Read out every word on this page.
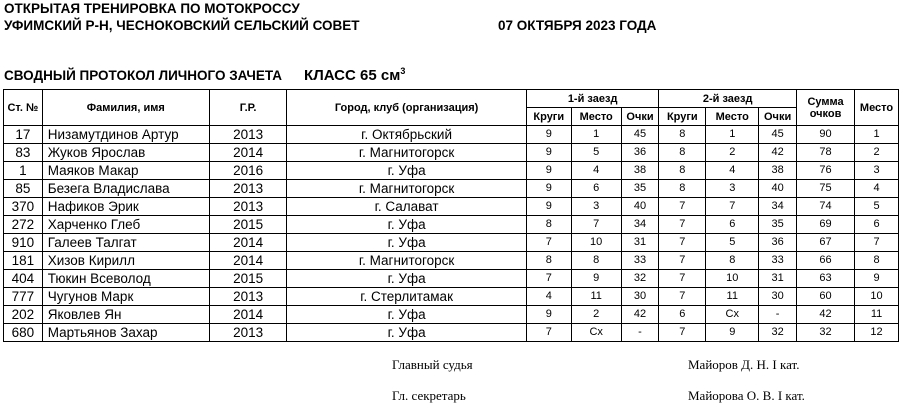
ОТКРЫТАЯ ТРЕНИРОВКА ПО МОТОКРОССУ
УФИМСКИЙ Р-Н, ЧЕСНОКОВСКИЙ СЕЛЬСКИЙ СОВЕТ	07 ОКТЯБРЯ 2023 ГОДА
СВОДНЫЙ ПРОТОКОЛ ЛИЧНОГО ЗАЧЕТА КЛАСС 65 $см^3$
Ст. №	Фамилия, имя	Г.Р.	Город, клуб (организация)	1-й заезд			2-й заезд			Сумма очков	Место
				Круги	Место	Очки	Круги	Место	Очки		
17	Низамутдинов Артур	2013	г. Октябрьский	9	1	45	8	1	45	90	1
83	Жуков Ярослав	2014	г. Магнитогорск	9	5	36	8	2	42	78	2
1	Маяков Макар	2016	г. Уфа	9	4	38	8	4	38	76	3
85	Безега Владислава	2013	г. Магнитогорск	9	6	35	8	3	40	75	4
370	Нафиков Эрик	2013	г. Салават	9	3	40	7	7	34	74	5
272	Харченко Глеб	2015	г. Уфа	8	7	34	7	6	35	69	6
910	Галеев Талгат	2014	г. Уфа	7	10	31	7	5	36	67	7
181	Хизов Кирилл	2014	г. Магнитогорск	8	8	33	7	8	33	66	8
404	Тюкин Всеволод	2015	г. Уфа	7	9	32	7	10	31	63	9
777	Чугунов Марк	2013	г. Стерлитамак	4	11	30	7	11	30	60	10
202	Яковлев Ян	2014	г. Уфа	9	2	42	6	Сх	-	42	11
680	Мартьянов Захар	2013	г. Уфа	7	Сх	-	7	9	32	32	12
Главный судья	Майоров Д. Н. I кат.
Гл. секретарь	Майорова О. В. I кат.
